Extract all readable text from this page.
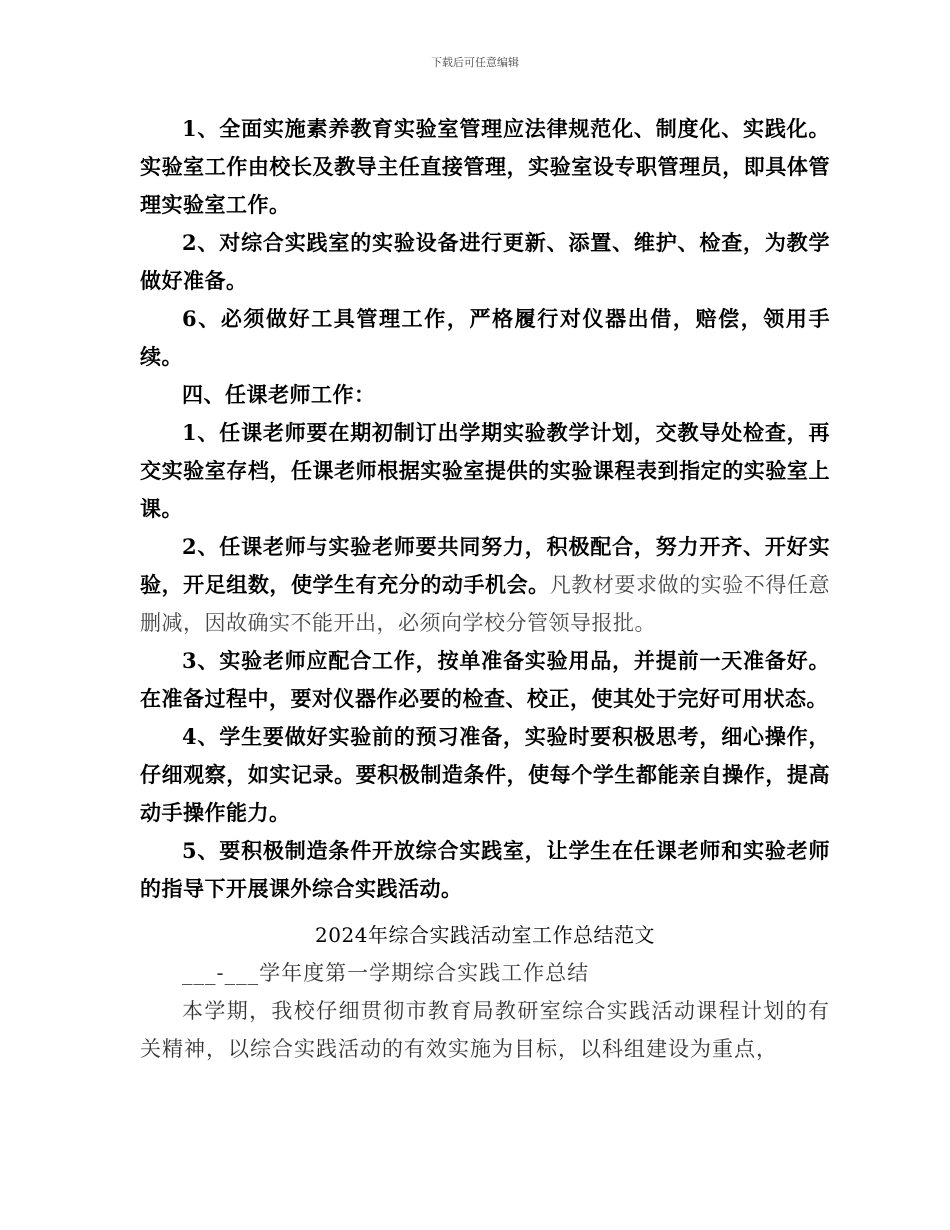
下载后可任意编辑

1、全面实施素养教育实验室管理应法律规范化、制度化、实践化。实验室工作由校长及教导主任直接管理，实验室设专职管理员，即具体管理实验室工作。

2、对综合实践室的实验设备进行更新、添置、维护、检查，为教学做好准备。

6、必须做好工具管理工作，严格履行对仪器出借，赔偿，领用手续。

四、任课老师工作：

1、任课老师要在期初制订出学期实验教学计划，交教导处检查，再交实验室存档，任课老师根据实验室提供的实验课程表到指定的实验室上课。

2、任课老师与实验老师要共同努力，积极配合，努力开齐、开好实验，开足组数，使学生有充分的动手机会。凡教材要求做的实验不得任意删减，因故确实不能开出，必须向学校分管领导报批。

3、实验老师应配合工作，按单准备实验用品，并提前一天准备好。在准备过程中，要对仪器作必要的检查、校正，使其处于完好可用状态。

4、学生要做好实验前的预习准备，实验时要积极思考，细心操作，仔细观察，如实记录。要积极制造条件，使每个学生都能亲自操作，提高动手操作能力。

5、要积极制造条件开放综合实践室，让学生在任课老师和实验老师的指导下开展课外综合实践活动。

2024年综合实践活动室工作总结范文

___-___学年度第一学期综合实践工作总结

本学期，我校仔细贯彻市教育局教研室综合实践活动课程计划的有关精神，以综合实践活动的有效实施为目标，以科组建设为重点，
